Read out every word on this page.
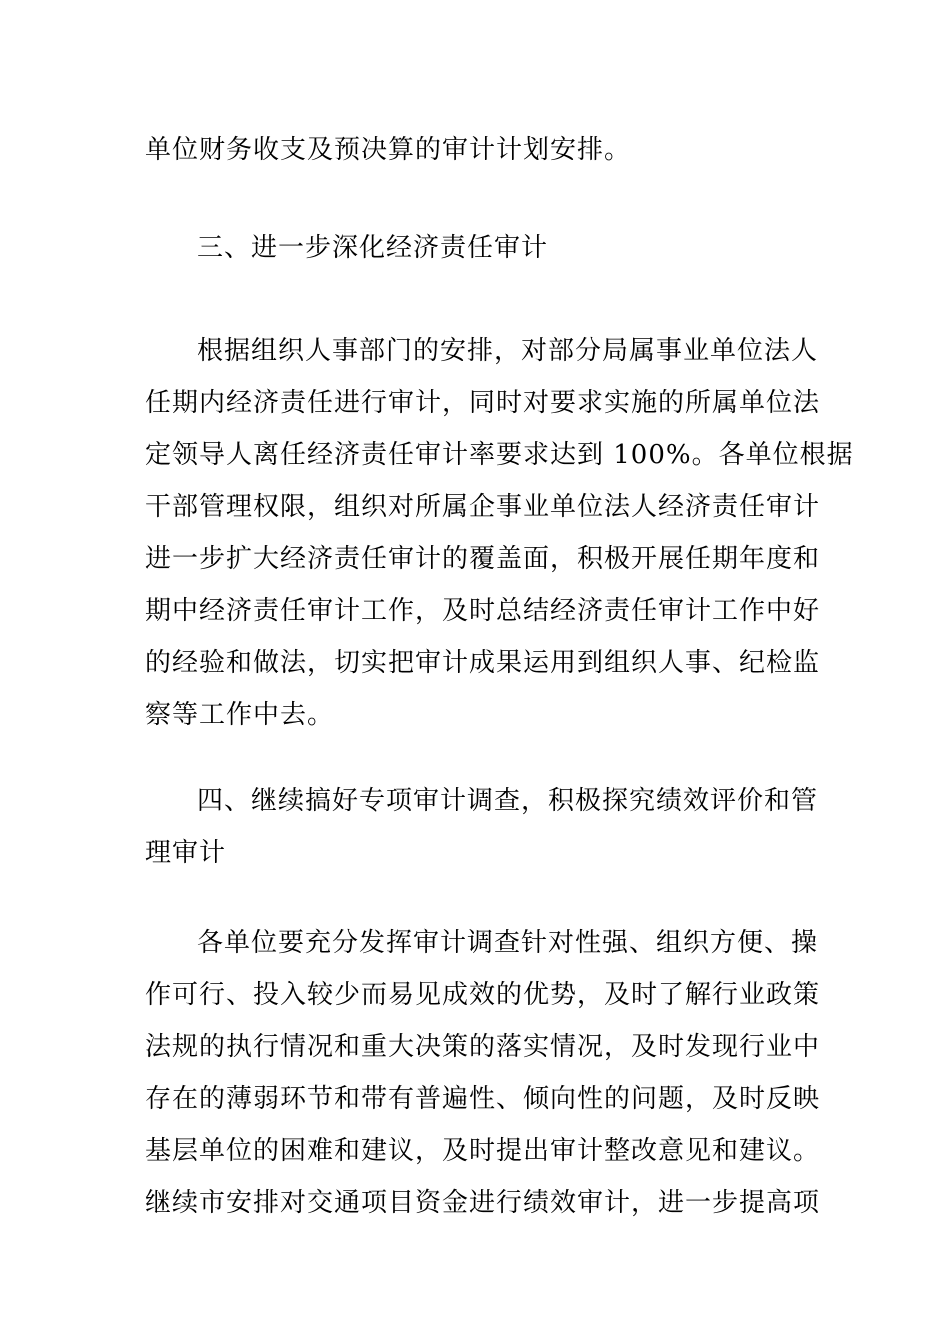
单位财务收支及预决算的审计计划安排。
三、进一步深化经济责任审计
根据组织人事部门的安排，对部分局属事业单位法人
任期内经济责任进行审计，同时对要求实施的所属单位法
定领导人离任经济责任审计率要求达到 100%。各单位根据
干部管理权限，组织对所属企事业单位法人经济责任审计
进一步扩大经济责任审计的覆盖面，积极开展任期年度和
期中经济责任审计工作，及时总结经济责任审计工作中好
的经验和做法，切实把审计成果运用到组织人事、纪检监
察等工作中去。
四、继续搞好专项审计调查，积极探究绩效评价和管
理审计
各单位要充分发挥审计调查针对性强、组织方便、操
作可行、投入较少而易见成效的优势，及时了解行业政策
法规的执行情况和重大决策的落实情况，及时发现行业中
存在的薄弱环节和带有普遍性、倾向性的问题，及时反映
基层单位的困难和建议，及时提出审计整改意见和建议。
继续市安排对交通项目资金进行绩效审计，进一步提高项
